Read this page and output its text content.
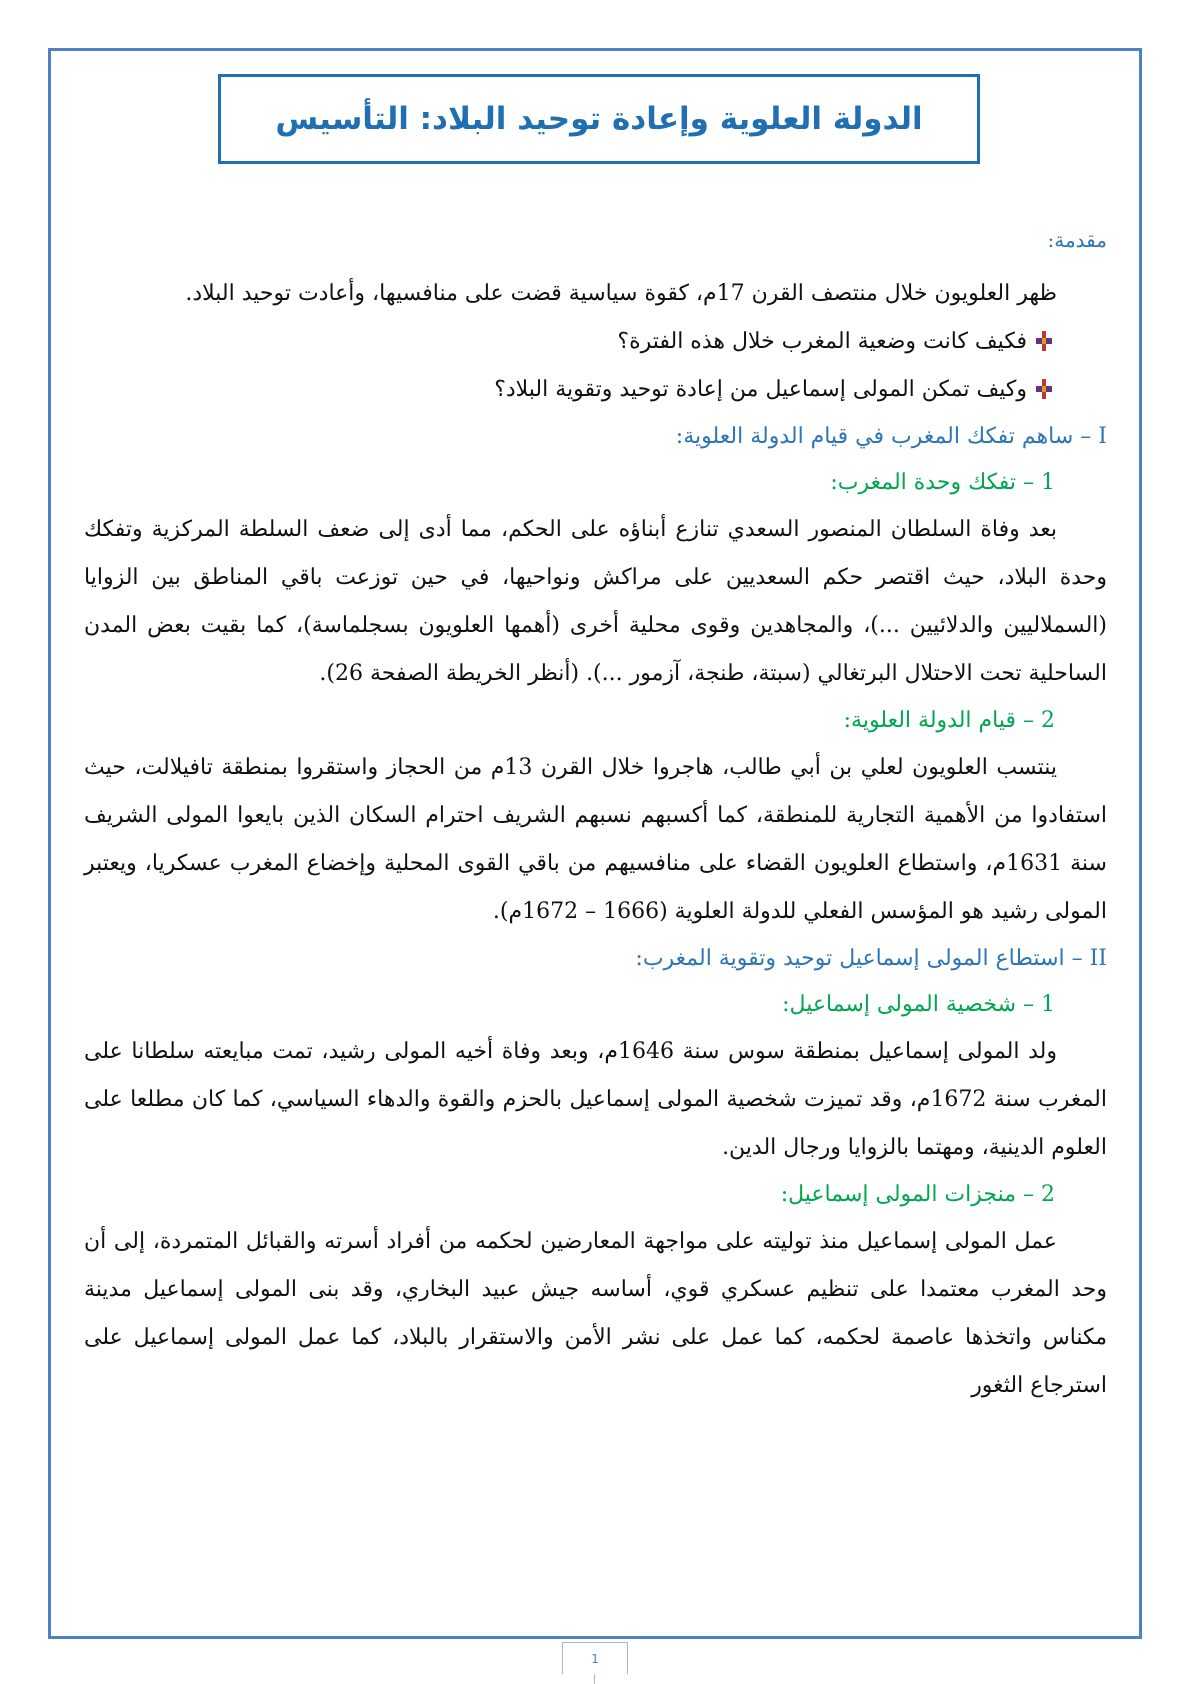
الدولة العلوية وإعادة توحيد البلاد: التأسيس

مقدمة:

ظهر العلويون خلال منتصف القرن 17م، كقوة سياسية قضت على منافسيها، وأعادت توحيد البلاد.

فكيف كانت وضعية المغرب خلال هذه الفترة؟
وكيف تمكن المولى إسماعيل من إعادة توحيد وتقوية البلاد؟

I – ساهم تفكك المغرب في قيام الدولة العلوية:

1 – تفكك وحدة المغرب:

بعد وفاة السلطان المنصور السعدي تنازع أبناؤه على الحكم، مما أدى إلى ضعف السلطة المركزية وتفكك وحدة البلاد، حيث اقتصر حكم السعديين على مراكش ونواحيها، في حين توزعت باقي المناطق بين الزوايا (السملاليين والدلائيين ...)، والمجاهدين وقوى محلية أخرى (أهمها العلويون بسجلماسة)، كما بقيت بعض المدن الساحلية تحت الاحتلال البرتغالي (سبتة، طنجة، آزمور ...). (أنظر الخريطة الصفحة 26).

2 – قيام الدولة العلوية:

ينتسب العلويون لعلي بن أبي طالب، هاجروا خلال القرن 13م من الحجاز واستقروا بمنطقة تافيلالت، حيث استفادوا من الأهمية التجارية للمنطقة، كما أكسبهم نسبهم الشريف احترام السكان الذين بايعوا المولى الشريف سنة 1631م، واستطاع العلويون القضاء على منافسيهم من باقي القوى المحلية وإخضاع المغرب عسكريا، ويعتبر المولى رشيد هو المؤسس الفعلي للدولة العلوية (1666 – 1672م).

II – استطاع المولى إسماعيل توحيد وتقوية المغرب:

1 – شخصية المولى إسماعيل:

ولد المولى إسماعيل بمنطقة سوس سنة 1646م، وبعد وفاة أخيه المولى رشيد، تمت مبايعته سلطانا على المغرب سنة 1672م، وقد تميزت شخصية المولى إسماعيل بالحزم والقوة والدهاء السياسي، كما كان مطلعا على العلوم الدينية، ومهتما بالزوايا ورجال الدين.

2 – منجزات المولى إسماعيل:

عمل المولى إسماعيل منذ توليته على مواجهة المعارضين لحكمه من أفراد أسرته والقبائل المتمردة، إلى أن وحد المغرب معتمدا على تنظيم عسكري قوي، أساسه جيش عبيد البخاري، وقد بنى المولى إسماعيل مدينة مكناس واتخذها عاصمة لحكمه، كما عمل على نشر الأمن والاستقرار بالبلاد، كما عمل المولى إسماعيل على استرجاع الثغور

1
